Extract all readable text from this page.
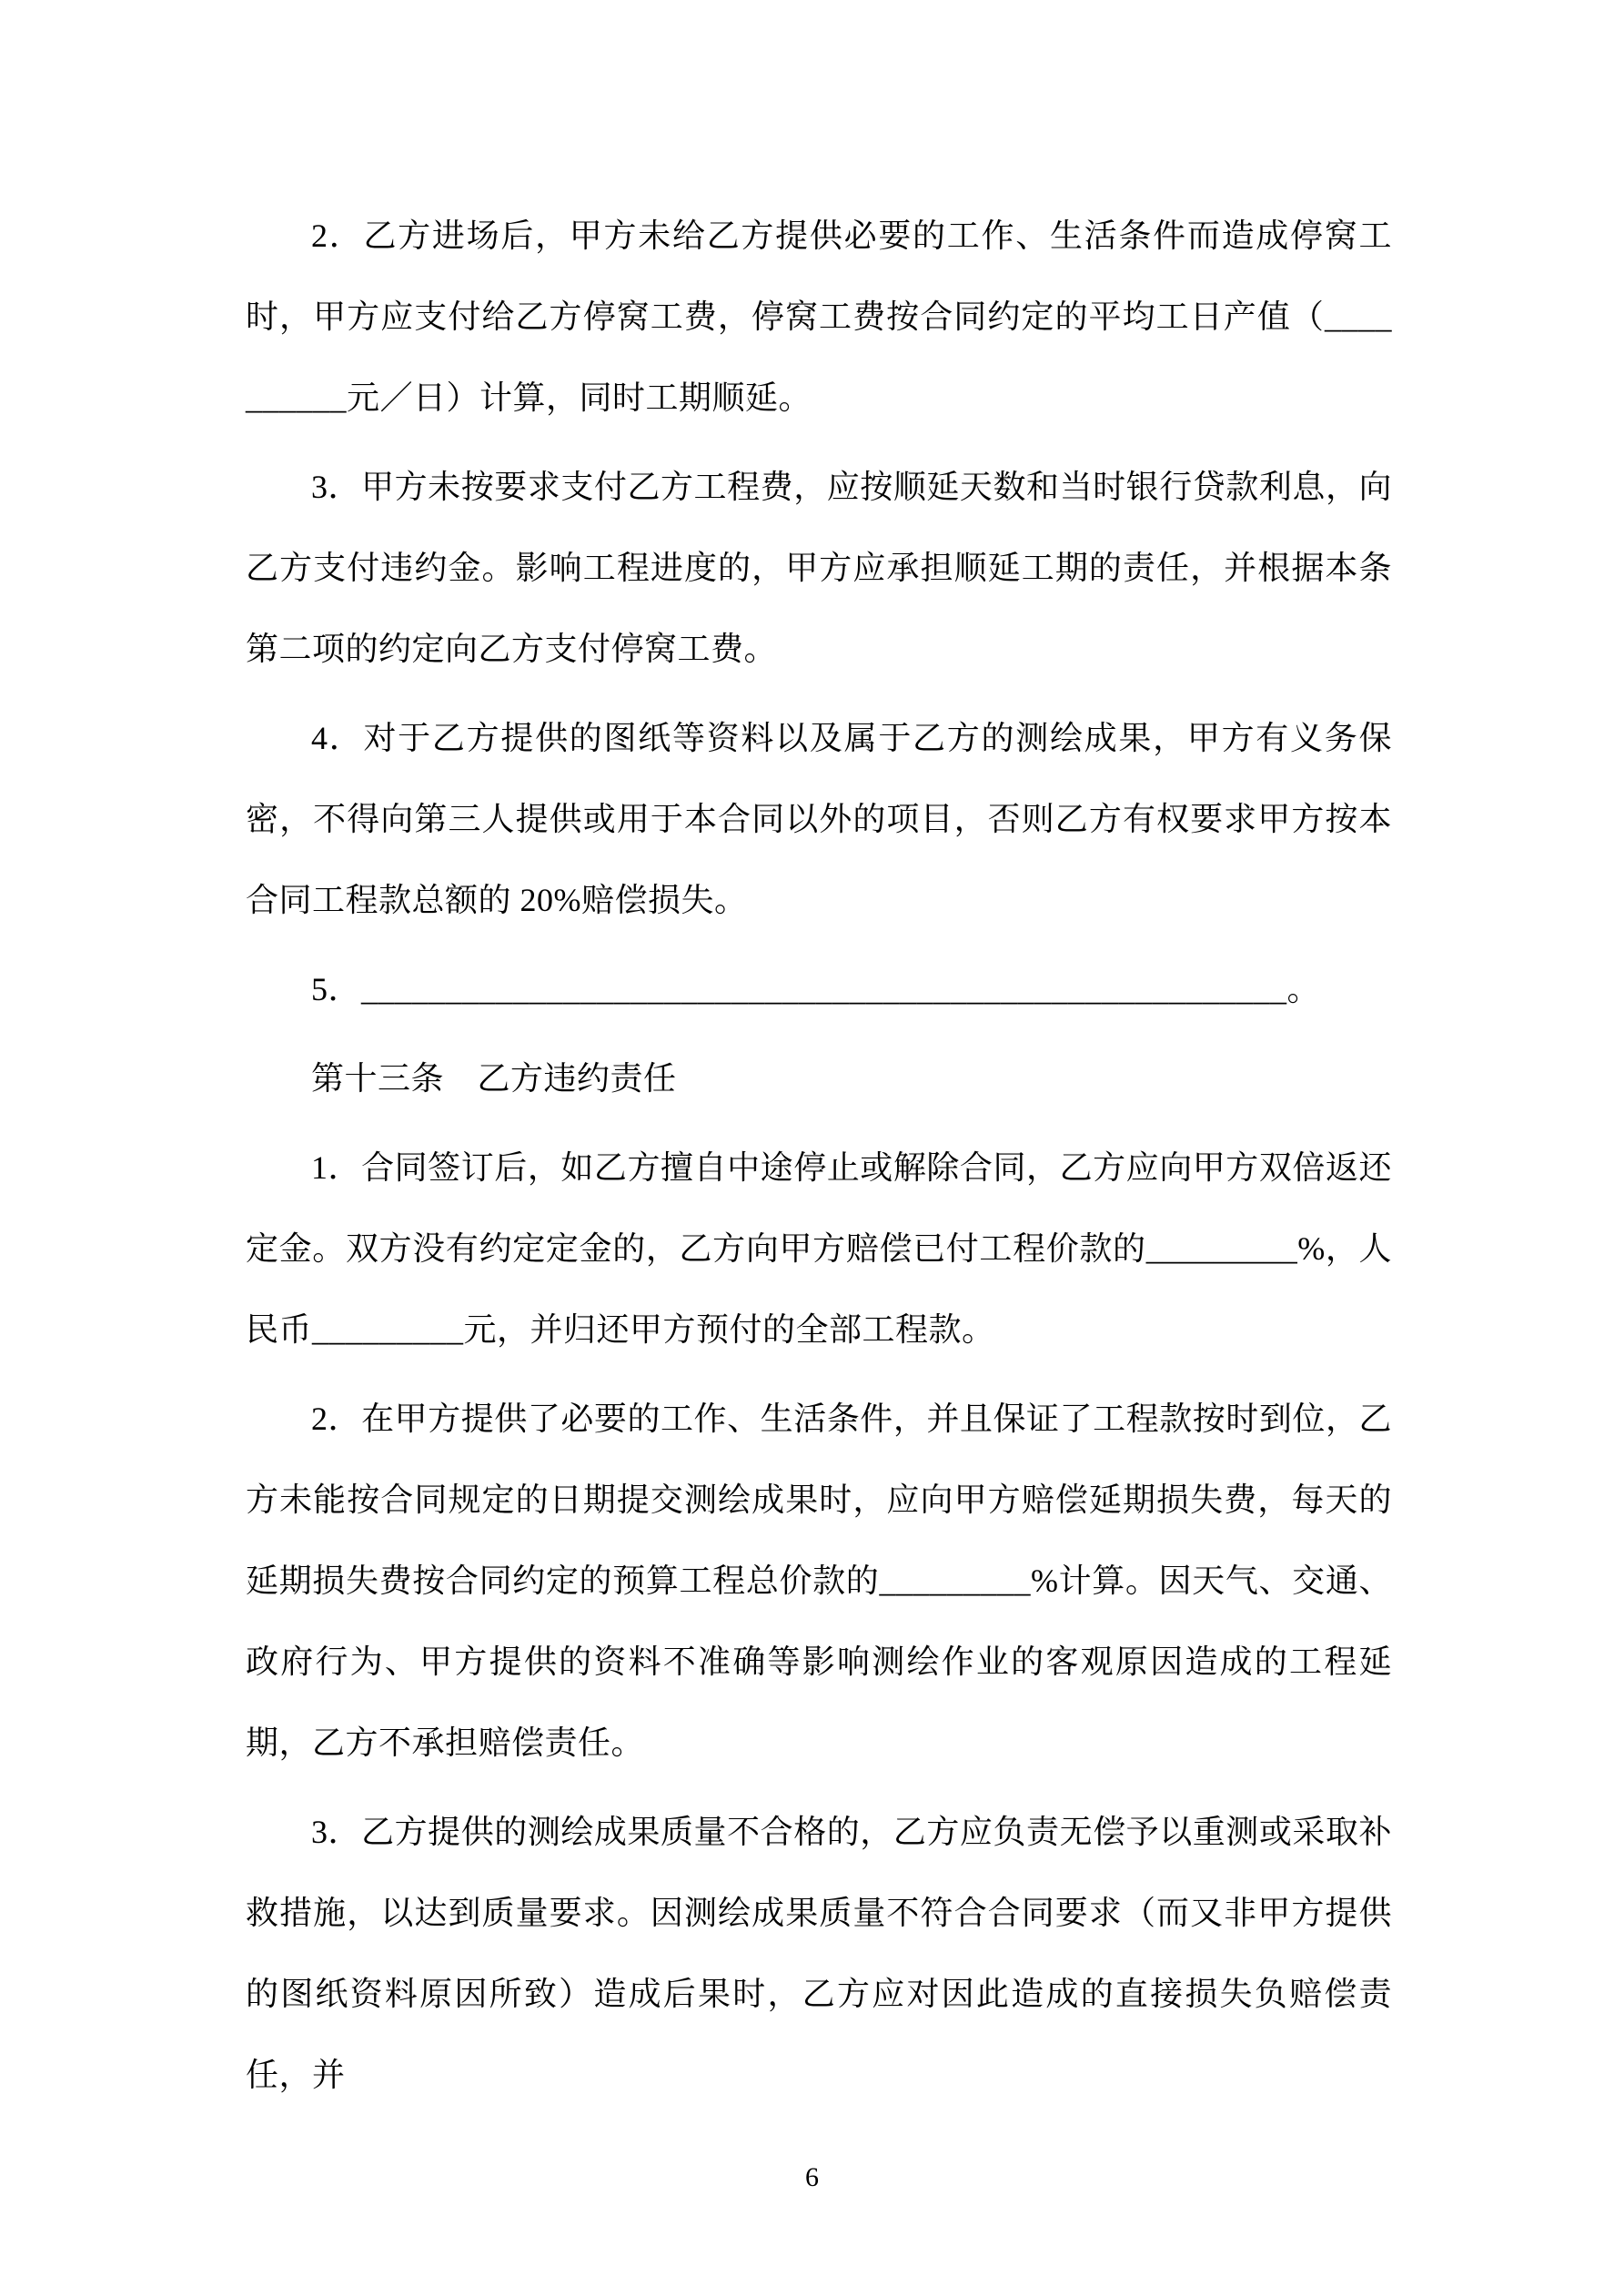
2．乙方进场后，甲方未给乙方提供必要的工作、生活条件而造成停窝工时，甲方应支付给乙方停窝工费，停窝工费按合同约定的平均工日产值（__________元／日）计算，同时工期顺延。

3．甲方未按要求支付乙方工程费，应按顺延天数和当时银行贷款利息，向乙方支付违约金。影响工程进度的，甲方应承担顺延工期的责任，并根据本条第二项的约定向乙方支付停窝工费。

4．对于乙方提供的图纸等资料以及属于乙方的测绘成果，甲方有义务保密，不得向第三人提供或用于本合同以外的项目，否则乙方有权要求甲方按本合同工程款总额的 20%赔偿损失。

5．_______________________________________________________。

第十三条　乙方违约责任

1．合同签订后，如乙方擅自中途停止或解除合同，乙方应向甲方双倍返还定金。双方没有约定定金的，乙方向甲方赔偿已付工程价款的_________%，人民币_________元，并归还甲方预付的全部工程款。

2．在甲方提供了必要的工作、生活条件，并且保证了工程款按时到位，乙方未能按合同规定的日期提交测绘成果时，应向甲方赔偿延期损失费，每天的延期损失费按合同约定的预算工程总价款的_________%计算。因天气、交通、政府行为、甲方提供的资料不准确等影响测绘作业的客观原因造成的工程延期，乙方不承担赔偿责任。

3．乙方提供的测绘成果质量不合格的，乙方应负责无偿予以重测或采取补救措施，以达到质量要求。因测绘成果质量不符合合同要求（而又非甲方提供的图纸资料原因所致）造成后果时，乙方应对因此造成的直接损失负赔偿责任，并

6
